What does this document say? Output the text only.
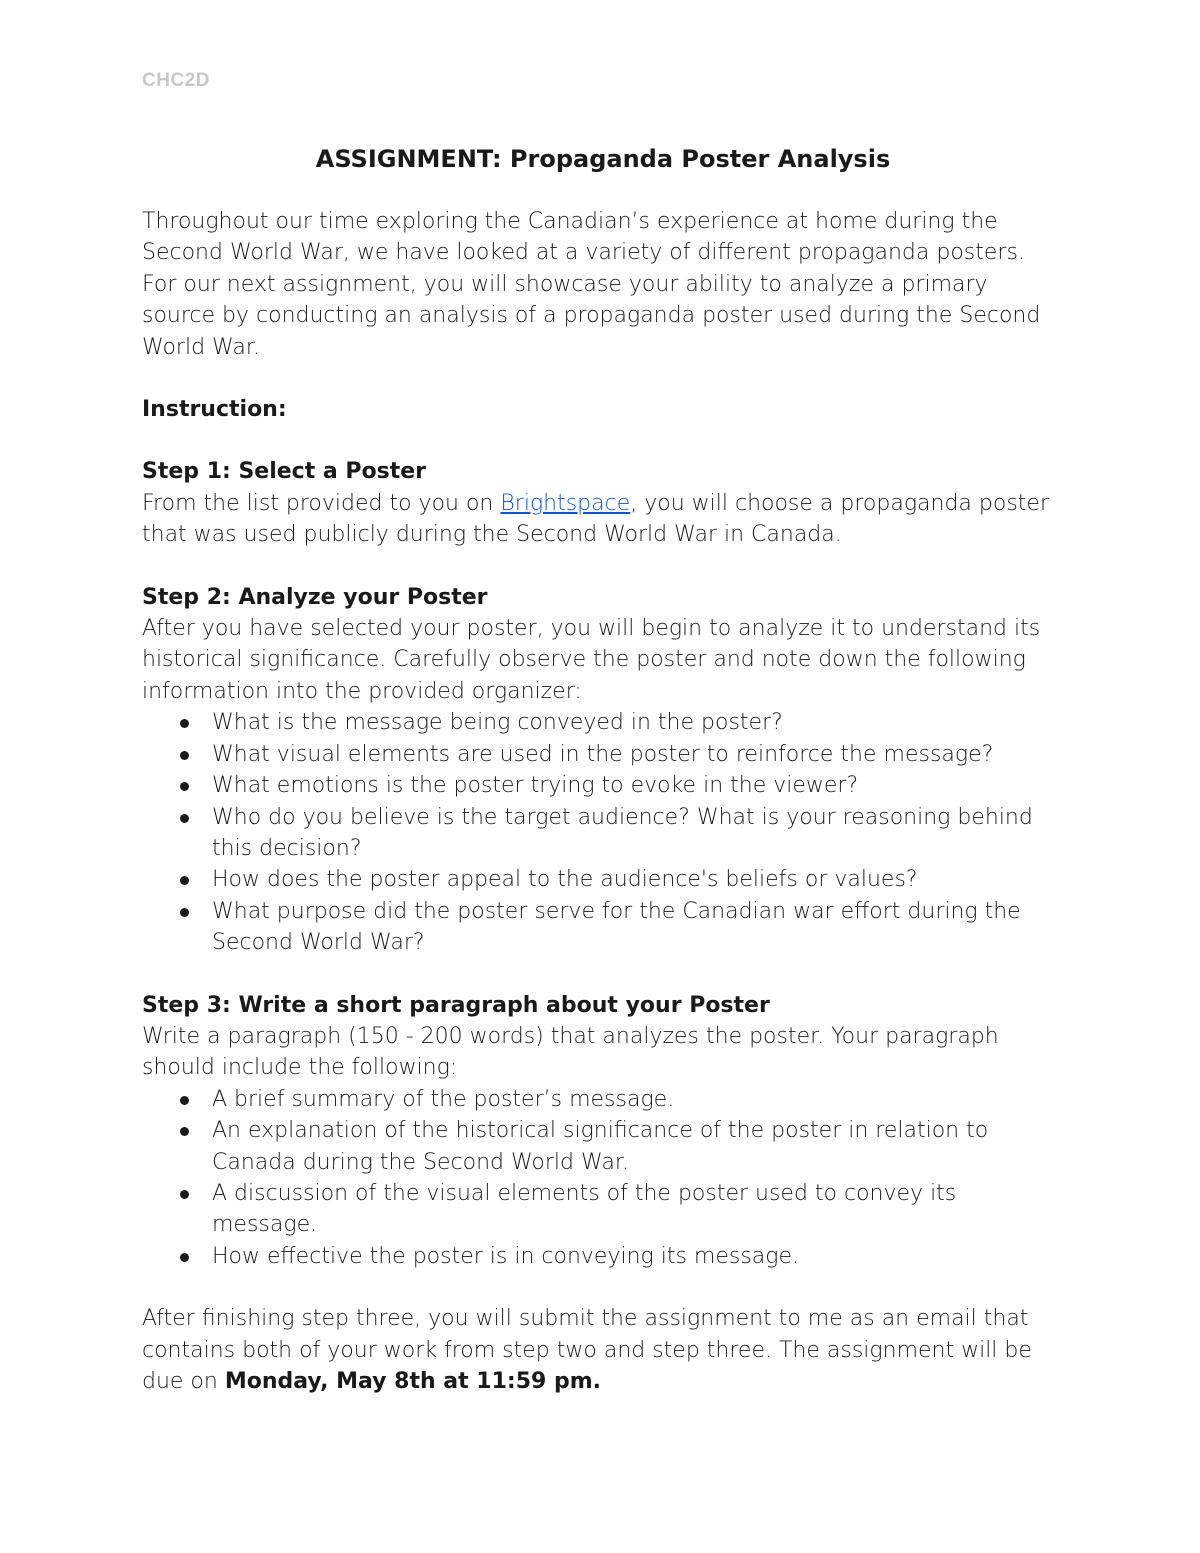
CHC2D
ASSIGNMENT: Propaganda Poster Analysis

Throughout our time exploring the Canadian’s experience at home during the Second World War, we have looked at a variety of different propaganda posters. For our next assignment, you will showcase your ability to analyze a primary source by conducting an analysis of a propaganda poster used during the Second World War.

Instruction:

Step 1: Select a Poster

From the list provided to you on Brightspace, you will choose a propaganda poster that was used publicly during the Second World War in Canada.

Step 2: Analyze your Poster

After you have selected your poster, you will begin to analyze it to understand its historical significance. Carefully observe the poster and note down the following information into the provided organizer:

What is the message being conveyed in the poster?
What visual elements are used in the poster to reinforce the message?
What emotions is the poster trying to evoke in the viewer?
Who do you believe is the target audience? What is your reasoning behind this decision?
How does the poster appeal to the audience's beliefs or values?
What purpose did the poster serve for the Canadian war effort during the Second World War?

Step 3: Write a short paragraph about your Poster

Write a paragraph (150 - 200 words) that analyzes the poster. Your paragraph should include the following:

A brief summary of the poster’s message.
An explanation of the historical significance of the poster in relation to Canada during the Second World War.
A discussion of the visual elements of the poster used to convey its message.
How effective the poster is in conveying its message.

After finishing step three, you will submit the assignment to me as an email that contains both of your work from step two and step three. The assignment will be due on Monday, May 8th at 11:59 pm.
